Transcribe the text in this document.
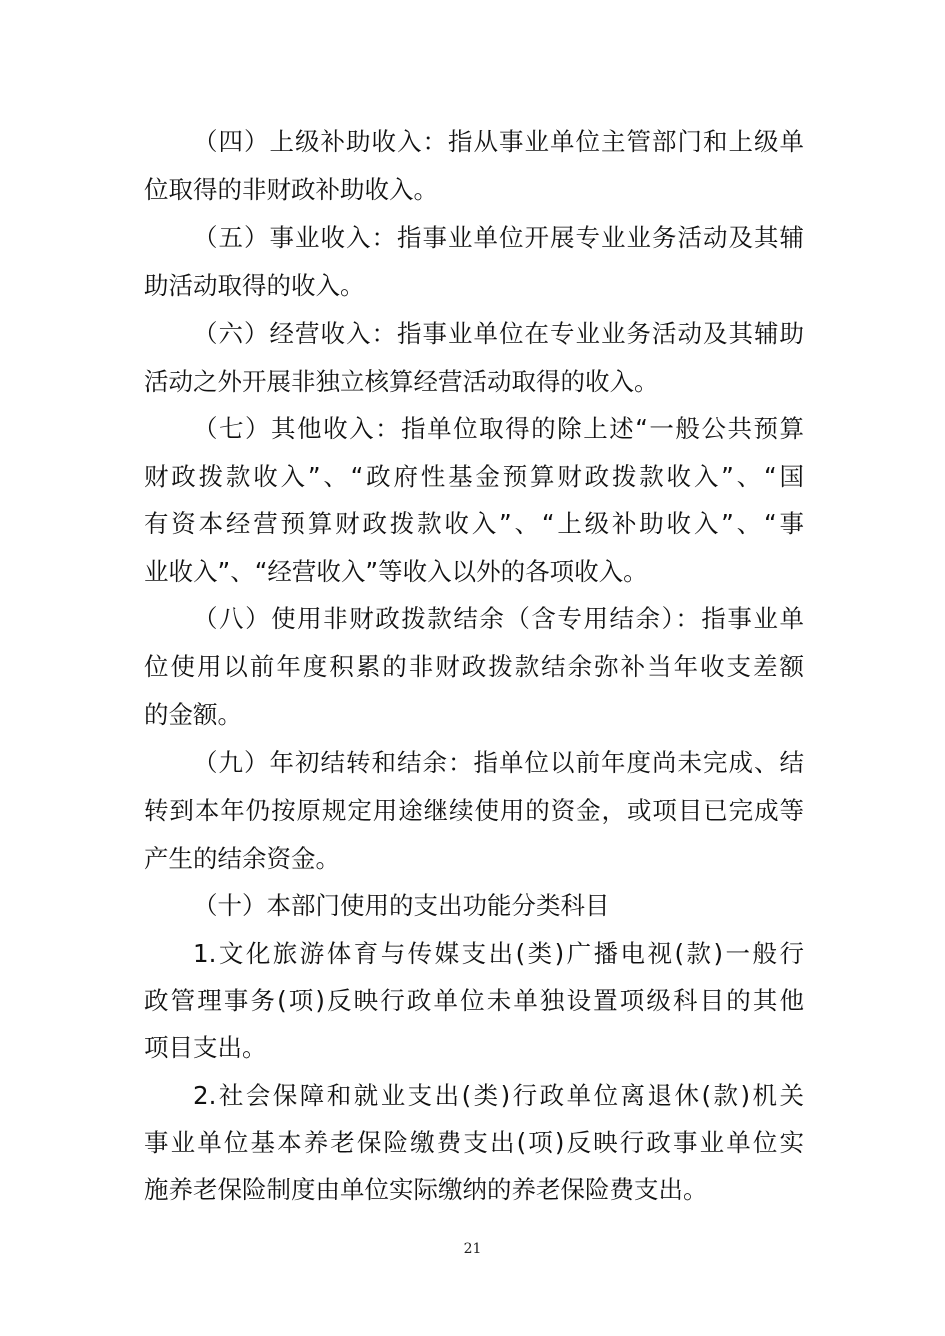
（四）上级补助收入：指从事业单位主管部门和上级单
位取得的非财政补助收入。
（五）事业收入：指事业单位开展专业业务活动及其辅
助活动取得的收入。
（六）经营收入：指事业单位在专业业务活动及其辅助
活动之外开展非独立核算经营活动取得的收入。
（七）其他收入：指单位取得的除上述“一般公共预算
财政拨款收入”、“政府性基金预算财政拨款收入”、“国
有资本经营预算财政拨款收入”、“上级补助收入”、“事
业收入”、“经营收入”等收入以外的各项收入。
（八）使用非财政拨款结余（含专用结余）：指事业单
位使用以前年度积累的非财政拨款结余弥补当年收支差额
的金额。
（九）年初结转和结余：指单位以前年度尚未完成、结
转到本年仍按原规定用途继续使用的资金，或项目已完成等
产生的结余资金。
（十）本部门使用的支出功能分类科目
1.文化旅游体育与传媒支出(类)广播电视(款)一般行
政管理事务(项)反映行政单位未单独设置项级科目的其他
项目支出。
2.社会保障和就业支出(类)行政单位离退休(款)机关
事业单位基本养老保险缴费支出(项)反映行政事业单位实
施养老保险制度由单位实际缴纳的养老保险费支出。
21
